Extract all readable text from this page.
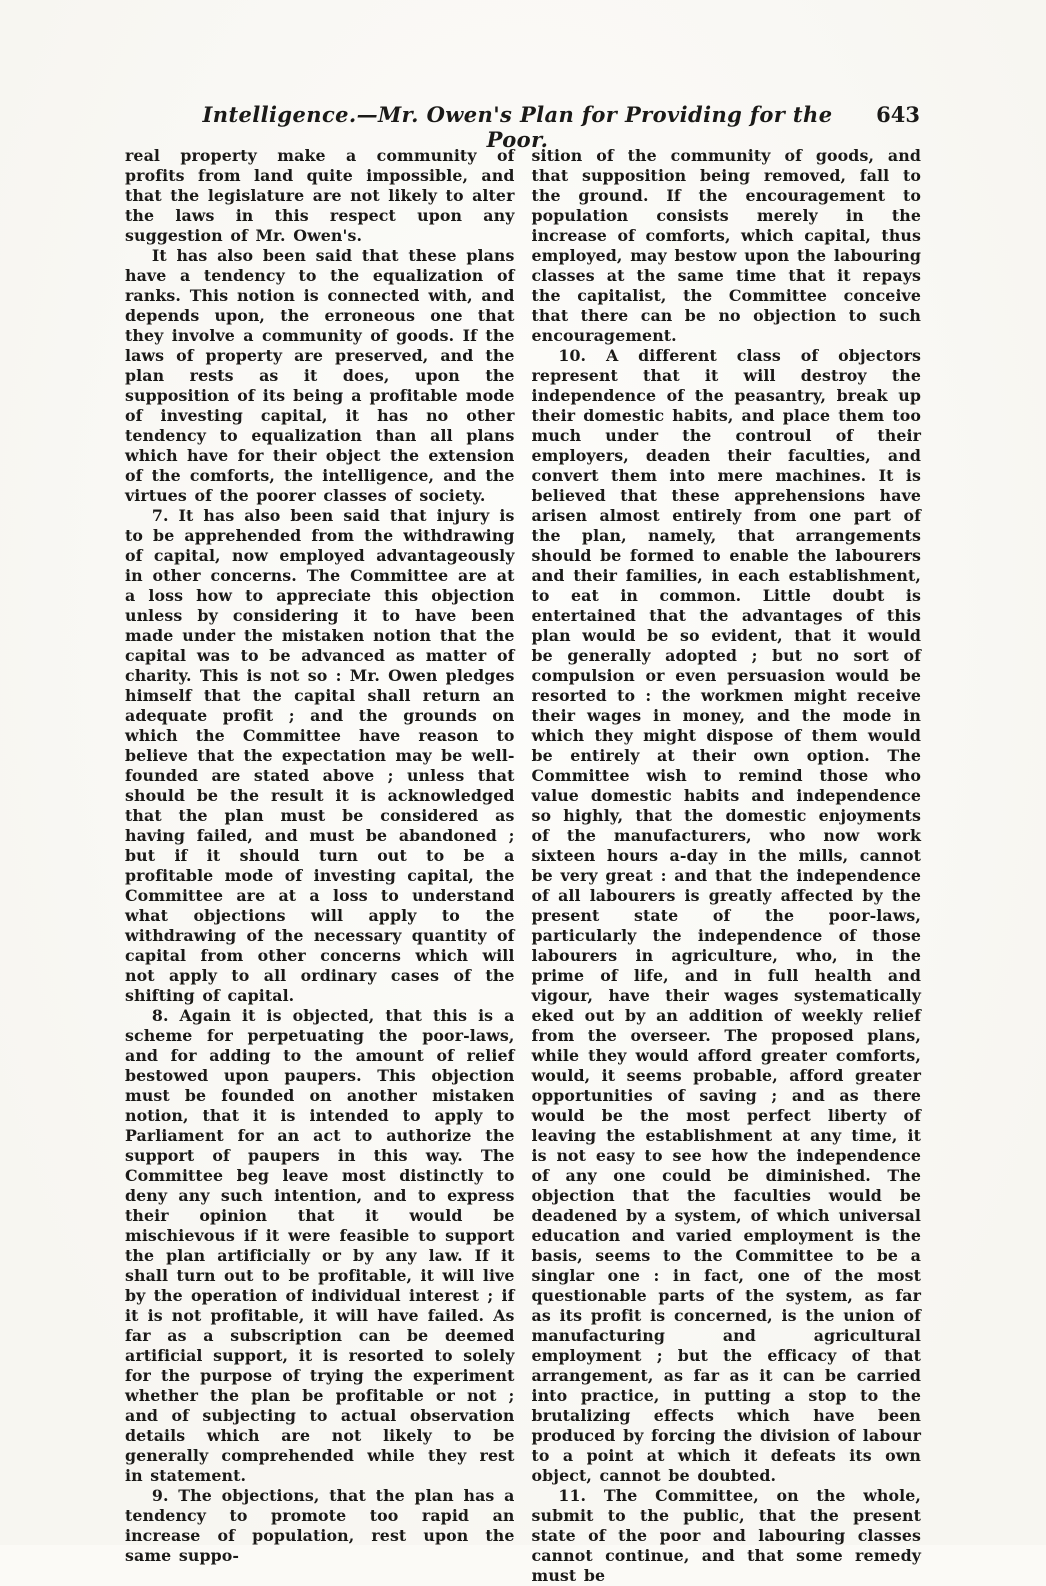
Intelligence.—Mr. Owen's Plan for Providing for the Poor.
643

real property make a community of profits from land quite impossible, and that the legislature are not likely to alter the laws in this respect upon any suggestion of Mr. Owen's.

It has also been said that these plans have a tendency to the equalization of ranks. This notion is connected with, and depends upon, the erroneous one that they involve a community of goods. If the laws of property are preserved, and the plan rests as it does, upon the supposition of its being a profitable mode of investing capital, it has no other tendency to equalization than all plans which have for their object the extension of the comforts, the intelligence, and the virtues of the poorer classes of society.

7. It has also been said that injury is to be apprehended from the withdrawing of capital, now employed advantageously in other concerns. The Committee are at a loss how to appreciate this objection unless by considering it to have been made under the mistaken notion that the capital was to be advanced as matter of charity. This is not so : Mr. Owen pledges himself that the capital shall return an adequate profit ; and the grounds on which the Committee have reason to believe that the expectation may be well-founded are stated above ; unless that should be the result it is acknowledged that the plan must be considered as having failed, and must be abandoned ; but if it should turn out to be a profitable mode of investing capital, the Committee are at a loss to understand what objections will apply to the withdrawing of the necessary quantity of capital from other concerns which will not apply to all ordinary cases of the shifting of capital.

8. Again it is objected, that this is a scheme for perpetuating the poor-laws, and for adding to the amount of relief bestowed upon paupers. This objection must be founded on another mistaken notion, that it is intended to apply to Parliament for an act to authorize the support of paupers in this way. The Committee beg leave most distinctly to deny any such intention, and to express their opinion that it would be mischievous if it were feasible to support the plan artificially or by any law. If it shall turn out to be profitable, it will live by the operation of individual interest ; if it is not profitable, it will have failed. As far as a subscription can be deemed artificial support, it is resorted to solely for the purpose of trying the experiment whether the plan be profitable or not ; and of subjecting to actual observation details which are not likely to be generally comprehended while they rest in statement.

9. The objections, that the plan has a tendency to promote too rapid an increase of population, rest upon the same suppo-

sition of the community of goods, and that supposition being removed, fall to the ground. If the encouragement to population consists merely in the increase of comforts, which capital, thus employed, may bestow upon the labouring classes at the same time that it repays the capitalist, the Committee conceive that there can be no objection to such encouragement.

10. A different class of objectors represent that it will destroy the independence of the peasantry, break up their domestic habits, and place them too much under the controul of their employers, deaden their faculties, and convert them into mere machines. It is believed that these apprehensions have arisen almost entirely from one part of the plan, namely, that arrangements should be formed to enable the labourers and their families, in each establishment, to eat in common. Little doubt is entertained that the advantages of this plan would be so evident, that it would be generally adopted ; but no sort of compulsion or even persuasion would be resorted to : the workmen might receive their wages in money, and the mode in which they might dispose of them would be entirely at their own option. The Committee wish to remind those who value domestic habits and independence so highly, that the domestic enjoyments of the manufacturers, who now work sixteen hours a-day in the mills, cannot be very great : and that the independence of all labourers is greatly affected by the present state of the poor-laws, particularly the independence of those labourers in agriculture, who, in the prime of life, and in full health and vigour, have their wages systematically eked out by an addition of weekly relief from the overseer. The proposed plans, while they would afford greater comforts, would, it seems probable, afford greater opportunities of saving ; and as there would be the most perfect liberty of leaving the establishment at any time, it is not easy to see how the independence of any one could be diminished. The objection that the faculties would be deadened by a system, of which universal education and varied employment is the basis, seems to the Committee to be a singlar one : in fact, one of the most questionable parts of the system, as far as its profit is concerned, is the union of manufacturing and agricultural employment ; but the efficacy of that arrangement, as far as it can be carried into practice, in putting a stop to the brutalizing effects which have been produced by forcing the division of labour to a point at which it defeats its own object, cannot be doubted.

11. The Committee, on the whole, submit to the public, that the present state of the poor and labouring classes cannot continue, and that some remedy must be
